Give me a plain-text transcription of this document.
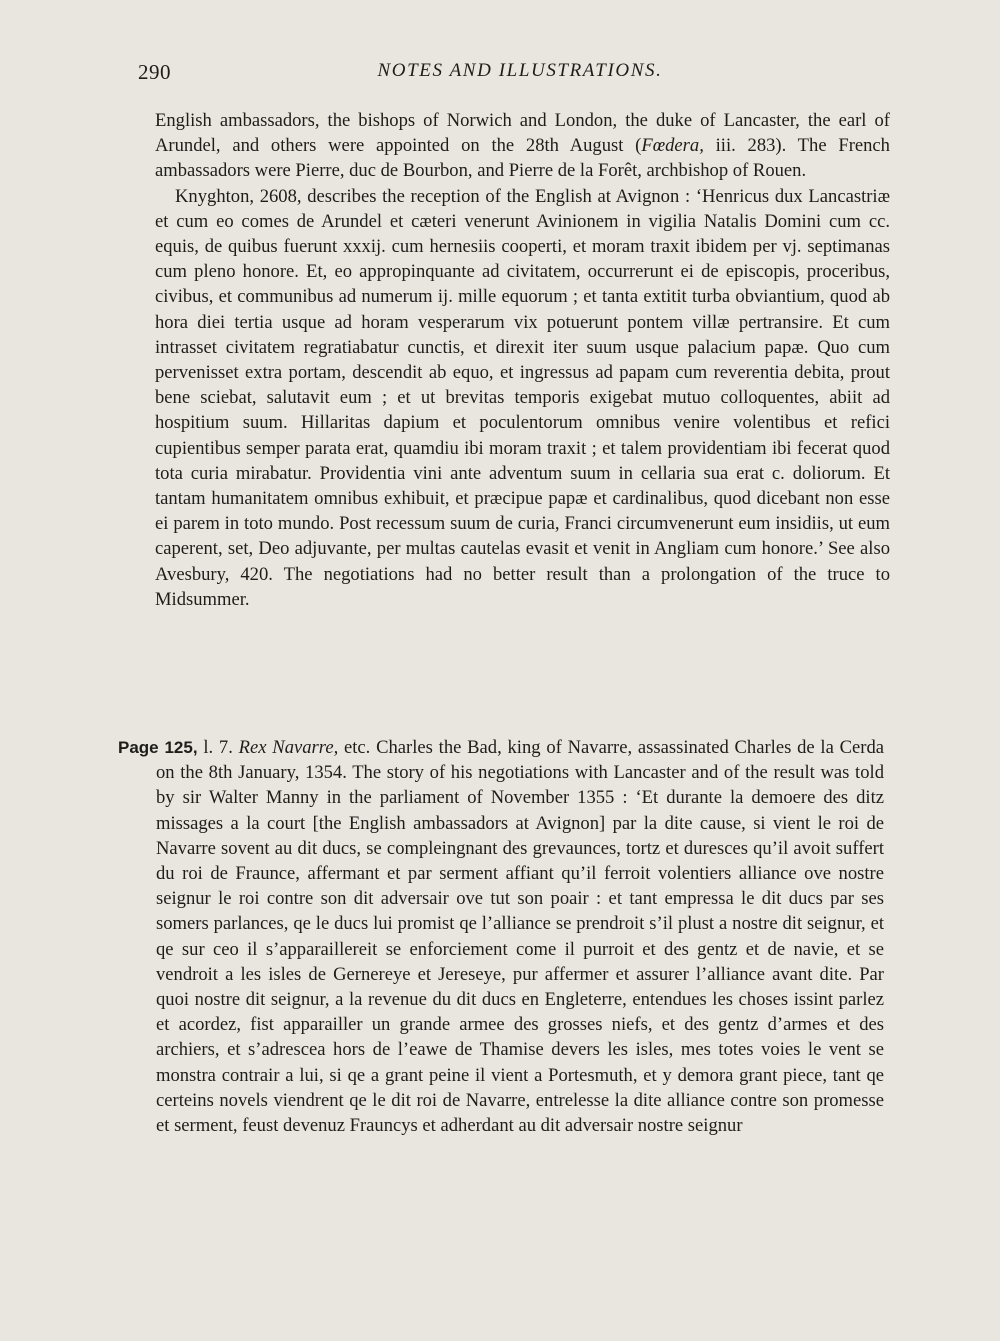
290	NOTES AND ILLUSTRATIONS.

English ambassadors, the bishops of Norwich and London, the duke of Lancaster, the earl of Arundel, and others were appointed on the 28th August (Fœdera, iii. 283). The French ambassadors were Pierre, duc de Bourbon, and Pierre de la Forêt, archbishop of Rouen.

Knyghton, 2608, describes the reception of the English at Avignon : ‘Henricus dux Lancastriæ et cum eo comes de Arundel et cæteri venerunt Avinionem in vigilia Natalis Domini cum cc. equis, de quibus fuerunt xxxij. cum hernesiis cooperti, et moram traxit ibidem per vj. septimanas cum pleno honore. Et, eo appropinquante ad civitatem, occurrerunt ei de episcopis, proceribus, civibus, et communibus ad numerum ij. mille equorum ; et tanta extitit turba obviantium, quod ab hora diei tertia usque ad horam vesperarum vix potuerunt pontem villæ pertransire. Et cum intrasset civitatem regratiabatur cunctis, et direxit iter suum usque palacium papæ. Quo cum pervenisset extra portam, descendit ab equo, et ingressus ad papam cum reverentia debita, prout bene sciebat, salutavit eum ; et ut brevitas temporis exigebat mutuo colloquentes, abiit ad hospitium suum. Hillaritas dapium et poculentorum omnibus venire volentibus et refici cupientibus semper parata erat, quamdiu ibi moram traxit ; et talem providentiam ibi fecerat quod tota curia mirabatur. Providentia vini ante adventum suum in cellaria sua erat c. doliorum. Et tantam humanitatem omnibus exhibuit, et præcipue papæ et cardinalibus, quod dicebant non esse ei parem in toto mundo. Post recessum suum de curia, Franci circumvenerunt eum insidiis, ut eum caperent, set, Deo adjuvante, per multas cautelas evasit et venit in Angliam cum honore.’ See also Avesbury, 420. The negotiations had no better result than a prolongation of the truce to Midsummer.

Page 125, l. 7. Rex Navarre, etc. Charles the Bad, king of Navarre, assassinated Charles de la Cerda on the 8th January, 1354. The story of his negotiations with Lancaster and of the result was told by sir Walter Manny in the parliament of November 1355 : ‘Et durante la demoere des ditz missages a la court [the English ambassadors at Avignon] par la dite cause, si vient le roi de Navarre sovent au dit ducs, se compleingnant des grevaunces, tortz et duresces qu’il avoit suffert du roi de Fraunce, affermant et par serment affiant qu’il ferroit volentiers alliance ove nostre seignur le roi contre son dit adversair ove tut son poair : et tant empressa le dit ducs par ses somers parlances, qe le ducs lui promist qe l’alliance se prendroit s’il plust a nostre dit seignur, et qe sur ceo il s’apparaillereit se enforciement come il purroit et des gentz et de navie, et se vendroit a les isles de Gernereye et Jereseye, pur affermer et assurer l’alliance avant dite. Par quoi nostre dit seignur, a la revenue du dit ducs en Engleterre, entendues les choses issint parlez et acordez, fist apparailler un grande armee des grosses niefs, et des gentz d’armes et des archiers, et s’adrescea hors de l’eawe de Thamise devers les isles, mes totes voies le vent se monstra contrair a lui, si qe a grant peine il vient a Portesmuth, et y demora grant piece, tant qe certeins novels viendrent qe le dit roi de Navarre, entrelesse la dite alliance contre son promesse et serment, feust devenuz Frauncys et adherdant au dit adversair nostre seignur
